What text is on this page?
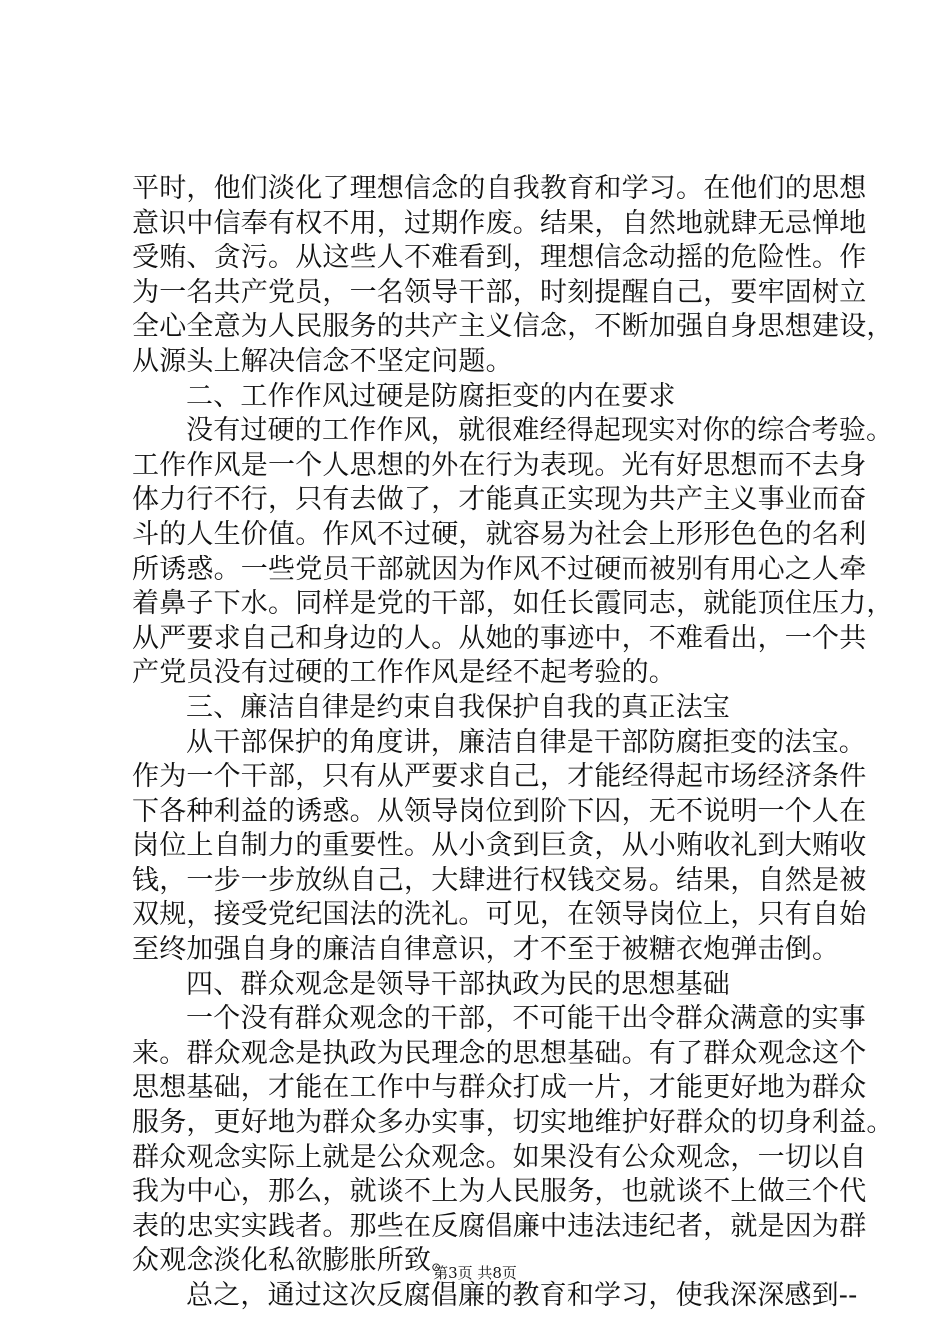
平时，他们淡化了理想信念的自我教育和学习。在他们的思想
意识中信奉有权不用，过期作废。结果，自然地就肆无忌惮地
受贿、贪污。从这些人不难看到，理想信念动摇的危险性。作
为一名共产党员，一名领导干部，时刻提醒自己，要牢固树立
全心全意为人民服务的共产主义信念，不断加强自身思想建设，
从源头上解决信念不坚定问题。
二、工作作风过硬是防腐拒变的内在要求
没有过硬的工作作风，就很难经得起现实对你的综合考验。
工作作风是一个人思想的外在行为表现。光有好思想而不去身
体力行不行，只有去做了，才能真正实现为共产主义事业而奋
斗的人生价值。作风不过硬，就容易为社会上形形色色的名利
所诱惑。一些党员干部就因为作风不过硬而被别有用心之人牵
着鼻子下水。同样是党的干部，如任长霞同志，就能顶住压力，
从严要求自己和身边的人。从她的事迹中，不难看出，一个共
产党员没有过硬的工作作风是经不起考验的。
三、廉洁自律是约束自我保护自我的真正法宝
从干部保护的角度讲，廉洁自律是干部防腐拒变的法宝。
作为一个干部，只有从严要求自己，才能经得起市场经济条件
下各种利益的诱惑。从领导岗位到阶下囚，无不说明一个人在
岗位上自制力的重要性。从小贪到巨贪，从小贿收礼到大贿收
钱，一步一步放纵自己，大肆进行权钱交易。结果，自然是被
双规，接受党纪国法的洗礼。可见，在领导岗位上，只有自始
至终加强自身的廉洁自律意识，才不至于被糖衣炮弹击倒。
四、群众观念是领导干部执政为民的思想基础
一个没有群众观念的干部，不可能干出令群众满意的实事
来。群众观念是执政为民理念的思想基础。有了群众观念这个
思想基础，才能在工作中与群众打成一片，才能更好地为群众
服务，更好地为群众多办实事，切实地维护好群众的切身利益。
群众观念实际上就是公众观念。如果没有公众观念，一切以自
我为中心，那么，就谈不上为人民服务，也就谈不上做三个代
表的忠实实践者。那些在反腐倡廉中违法违纪者，就是因为群
众观念淡化私欲膨胀所致。
总之，通过这次反腐倡廉的教育和学习，使我深深感到--
第3页 共8页
